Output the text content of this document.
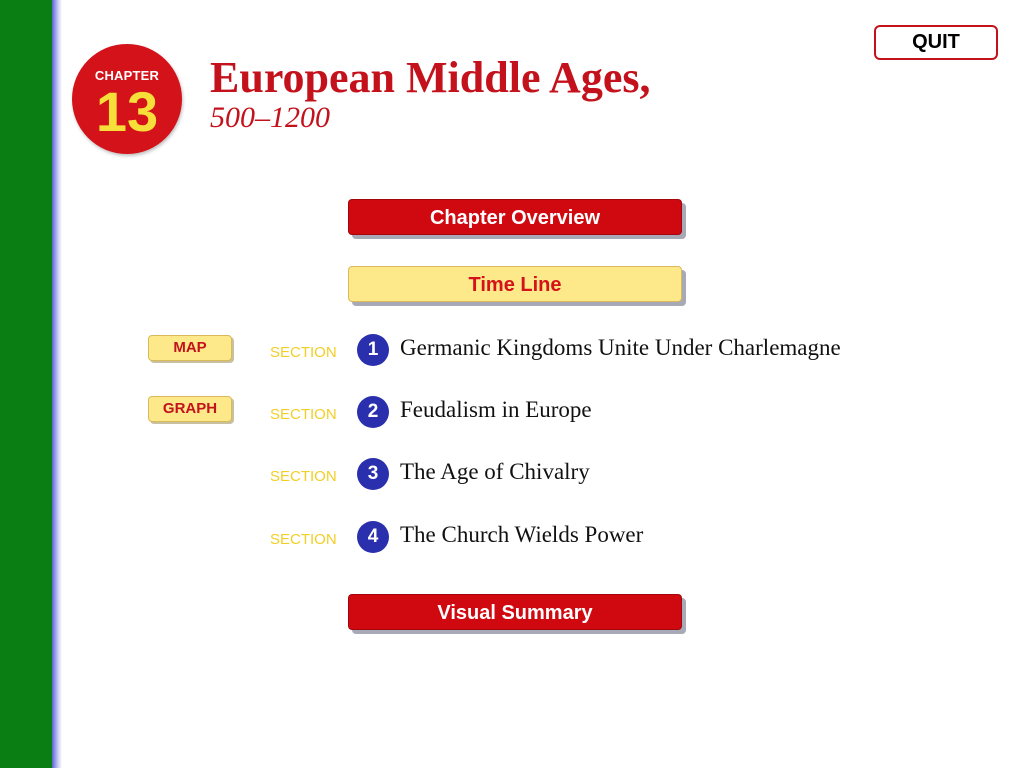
CHAPTER
13
European Middle Ages,
500–1200
QUIT
Chapter Overview
Time Line
MAP
GRAPH
SECTION	1 Germanic Kingdoms Unite Under Charlemagne
SECTION	2 Feudalism in Europe
SECTION	3 The Age of Chivalry
SECTION	4 The Church Wields Power
Visual Summary
